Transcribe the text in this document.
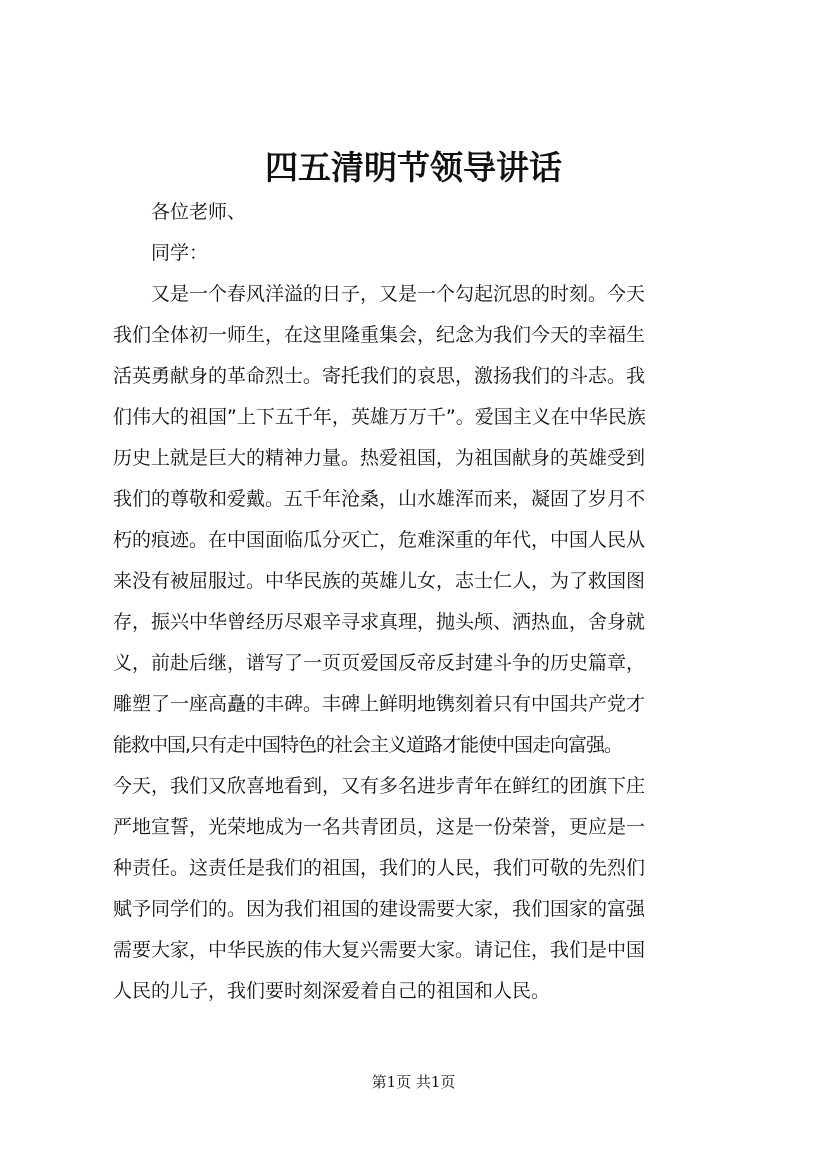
四五清明节领导讲话
各位老师、
同学：
又是一个春风洋溢的日子，又是一个勾起沉思的时刻。今天
我们全体初一师生，在这里隆重集会，纪念为我们今天的幸福生
活英勇献身的革命烈士。寄托我们的哀思，激扬我们的斗志。我
们伟大的祖国”上下五千年，英雄万万千”。爱国主义在中华民族
历史上就是巨大的精神力量。热爱祖国，为祖国献身的英雄受到
我们的尊敬和爱戴。五千年沧桑，山水雄浑而来，凝固了岁月不
朽的痕迹。在中国面临瓜分灭亡，危难深重的年代，中国人民从
来没有被屈服过。中华民族的英雄儿女，志士仁人，为了救国图
存，振兴中华曾经历尽艰辛寻求真理，抛头颅、洒热血，舍身就
义，前赴后继，谱写了一页页爱国反帝反封建斗争的历史篇章，
雕塑了一座高矗的丰碑。丰碑上鲜明地镌刻着只有中国共产党才
能救中国,只有走中国特色的社会主义道路才能使中国走向富强。
今天，我们又欣喜地看到，又有多名进步青年在鲜红的团旗下庄
严地宣誓，光荣地成为一名共青团员，这是一份荣誉，更应是一
种责任。这责任是我们的祖国，我们的人民，我们可敬的先烈们
赋予同学们的。因为我们祖国的建设需要大家，我们国家的富强
需要大家，中华民族的伟大复兴需要大家。请记住，我们是中国
人民的儿子，我们要时刻深爱着自己的祖国和人民。
第1页 共1页
